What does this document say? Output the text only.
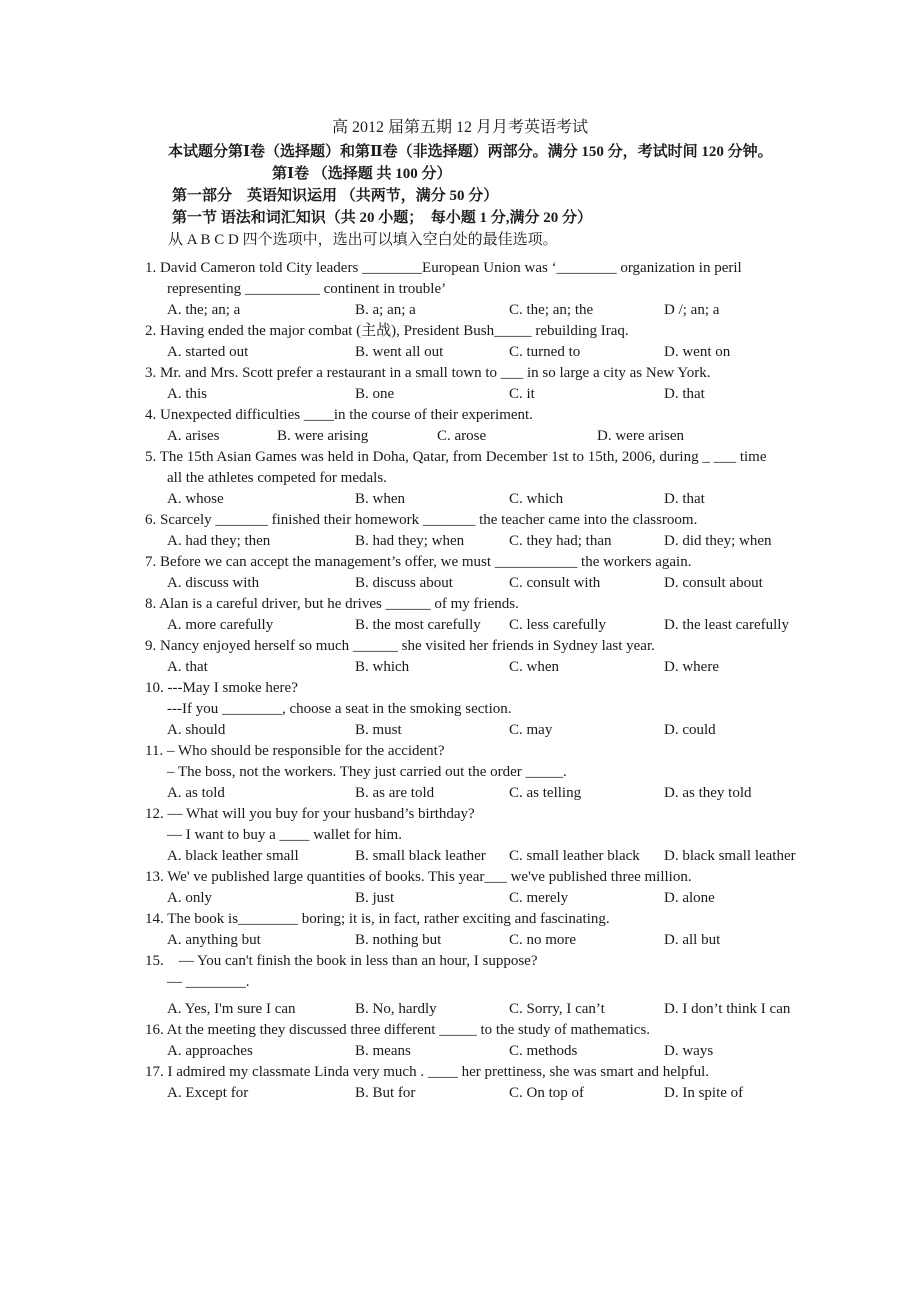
高 2012 届第五期 12 月月考英语考试
本试题分第Ⅰ卷（选择题）和第Ⅱ卷（非选择题）两部分。满分 150 分，考试时间 120 分钟。
第Ⅰ卷 （选择题 共 100 分）
第一部分　英语知识运用 （共两节，满分 50 分）
第一节 语法和词汇知识（共 20 小题；　每小题 1 分,满分 20 分）
从 A B C D 四个选项中，选出可以填入空白处的最佳选项。
1. David Cameron told City leaders ________European Union was ‘________ organization in peril
representing __________ continent in trouble’
A. the; an; a	B. a; an; a	C. the; an; the	D /; an; a
2. Having ended the major combat (主战), President Bush_____ rebuilding Iraq.
A. started out	B. went all out	C. turned to	D. went on
3. Mr. and Mrs. Scott prefer a restaurant in a small town to ___ in so large a city as New York.
A. this	B. one	C. it	D. that
4. Unexpected difficulties ____in the course of their experiment.
A. arises	B. were arising	C. arose	D. were arisen
5. The 15th Asian Games was held in Doha, Qatar, from December 1st to 15th, 2006, during _ ___ time
all the athletes competed for medals.
A. whose	B. when	C. which	D. that
6. Scarcely _______ finished their homework _______ the teacher came into the classroom.
A. had they; then	B. had they; when	C. they had; than	D. did they; when
7. Before we can accept the management’s offer, we must ___________ the workers again.
A. discuss with	B. discuss about	C. consult with	D. consult about
8. Alan is a careful driver, but he drives ______ of my friends.
A. more carefully	B. the most carefully	C. less carefully	D. the least carefully
9. Nancy enjoyed herself so much ______ she visited her friends in Sydney last year.
A. that	B. which	C. when	D. where
10. ---May I smoke here?
---If you ________, choose a seat in the smoking section.
A. should	B. must	C. may	D. could
11. – Who should be responsible for the accident?
– The boss, not the workers. They just carried out the order _____.
A. as told	B. as are told	C. as telling	D. as they told
12. — What will you buy for your husband’s birthday?
— I want to buy a ____ wallet for him.
A. black leather small	B. small black leather	C. small leather black	D. black small leather
13. We' ve published large quantities of books. This year___ we've published three million.
A. only	B. just	C. merely	D. alone
14. The book is________ boring; it is, in fact, rather exciting and fascinating.
A. anything but	B. nothing but	C. no more	D. all but
15.　— You can't finish the book in less than an hour, I suppose?
— ________.
A. Yes, I'm sure I can	B. No, hardly	C. Sorry, I can’t	D. I don’t think I can
16. At the meeting they discussed three different _____ to the study of mathematics.
A. approaches	B. means	C. methods	D. ways
17. I admired my classmate Linda very much . ____ her prettiness, she was smart and helpful.
A. Except for	B. But for	C. On top of	D. In spite of
